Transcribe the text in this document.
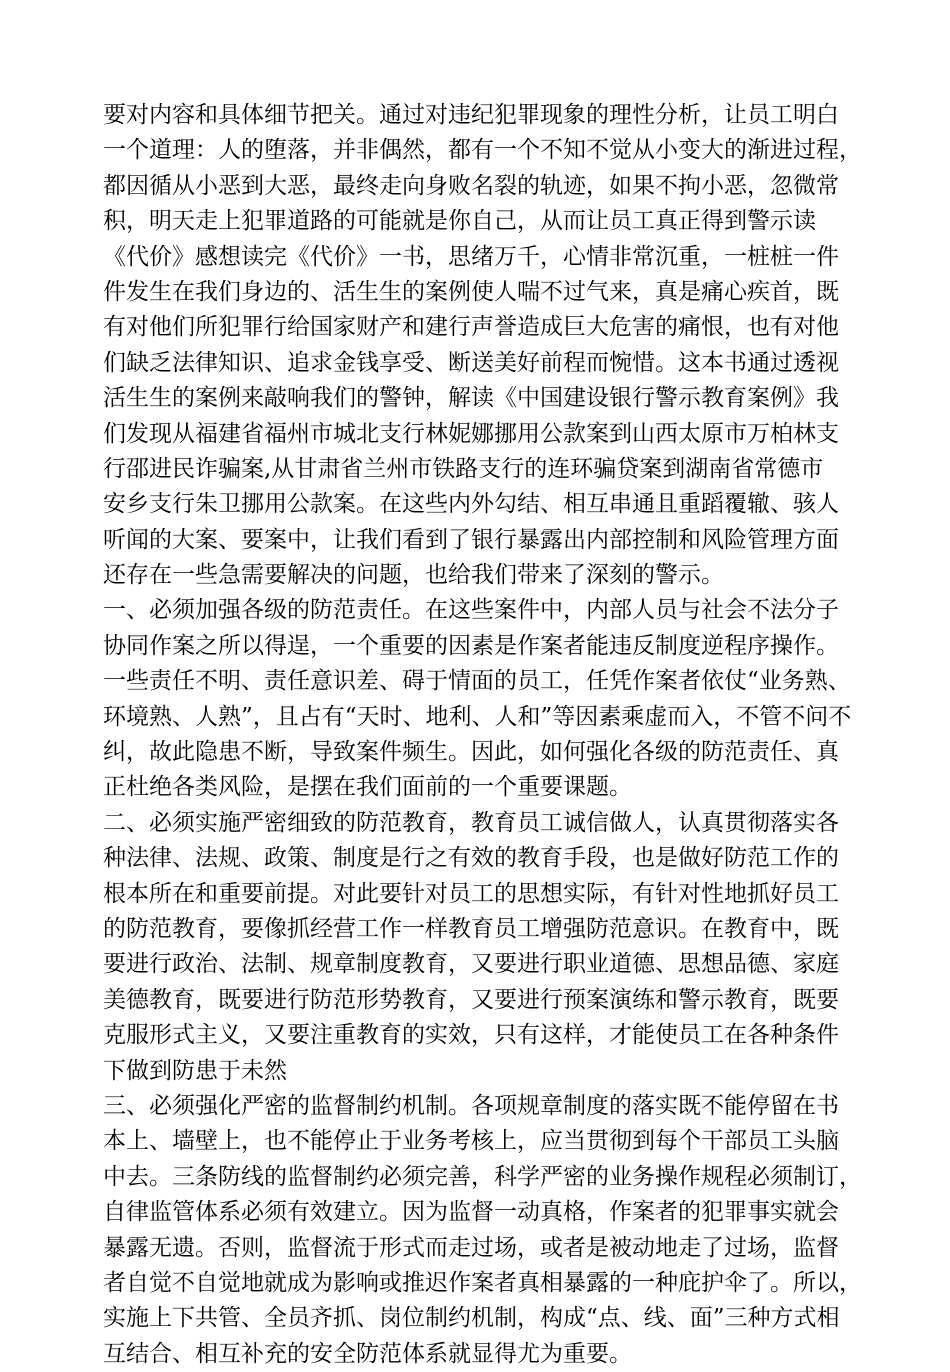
要对内容和具体细节把关。通过对违纪犯罪现象的理性分析，让员工明白
一个道理：人的堕落，并非偶然，都有一个不知不觉从小变大的渐进过程，
都因循从小恶到大恶，最终走向身败名裂的轨迹，如果不拘小恶，忽微常
积，明天走上犯罪道路的可能就是你自己，从而让员工真正得到警示读
《代价》感想读完《代价》一书，思绪万千，心情非常沉重，一桩桩一件
件发生在我们身边的、活生生的案例使人喘不过气来，真是痛心疾首，既
有对他们所犯罪行给国家财产和建行声誉造成巨大危害的痛恨，也有对他
们缺乏法律知识、追求金钱享受、断送美好前程而惋惜。这本书通过透视
活生生的案例来敲响我们的警钟，解读《中国建设银行警示教育案例》我
们发现从福建省福州市城北支行林妮娜挪用公款案到山西太原市万柏林支
行邵进民诈骗案,从甘肃省兰州市铁路支行的连环骗贷案到湖南省常德市
安乡支行朱卫挪用公款案。在这些内外勾结、相互串通且重蹈覆辙、骇人
听闻的大案、要案中，让我们看到了银行暴露出内部控制和风险管理方面
还存在一些急需要解决的问题，也给我们带来了深刻的警示。
一、必须加强各级的防范责任。在这些案件中，内部人员与社会不法分子
协同作案之所以得逞，一个重要的因素是作案者能违反制度逆程序操作。
一些责任不明、责任意识差、碍于情面的员工，任凭作案者依仗“业务熟、
环境熟、人熟”，且占有“天时、地利、人和”等因素乘虚而入，不管不问不
纠，故此隐患不断，导致案件频生。因此，如何强化各级的防范责任、真
正杜绝各类风险，是摆在我们面前的一个重要课题。
二、必须实施严密细致的防范教育，教育员工诚信做人，认真贯彻落实各
种法律、法规、政策、制度是行之有效的教育手段，也是做好防范工作的
根本所在和重要前提。对此要针对员工的思想实际，有针对性地抓好员工
的防范教育，要像抓经营工作一样教育员工增强防范意识。在教育中，既
要进行政治、法制、规章制度教育，又要进行职业道德、思想品德、家庭
美德教育，既要进行防范形势教育，又要进行预案演练和警示教育，既要
克服形式主义，又要注重教育的实效，只有这样，才能使员工在各种条件
下做到防患于未然
三、必须强化严密的监督制约机制。各项规章制度的落实既不能停留在书
本上、墙壁上，也不能停止于业务考核上，应当贯彻到每个干部员工头脑
中去。三条防线的监督制约必须完善，科学严密的业务操作规程必须制订，
自律监管体系必须有效建立。因为监督一动真格，作案者的犯罪事实就会
暴露无遗。否则，监督流于形式而走过场，或者是被动地走了过场，监督
者自觉不自觉地就成为影响或推迟作案者真相暴露的一种庇护伞了。所以，
实施上下共管、全员齐抓、岗位制约机制，构成“点、线、面”三种方式相
互结合、相互补充的安全防范体系就显得尤为重要。
